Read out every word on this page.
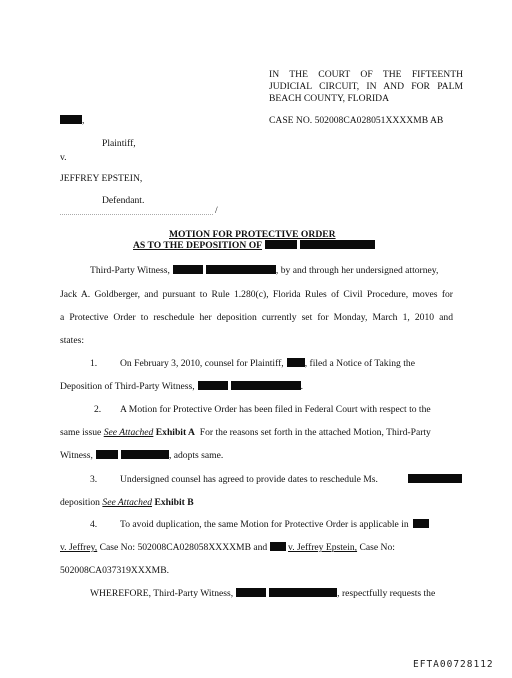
IN THE COURT OF THE FIFTEENTH
JUDICIAL CIRCUIT, IN AND FOR PALM
BEACH COUNTY, FLORIDA
,	CASE NO. 502008CA028051XXXXMB AB
Plaintiff,
v.
JEFFREY EPSTEIN,
Defendant.
/
MOTION FOR PROTECTIVE ORDER
AS TO THE DEPOSITION OF
Third-Party Witness,	, by and through her undersigned attorney,
Jack A. Goldberger, and pursuant to Rule 1.280(c), Florida Rules of Civil Procedure, moves for
a Protective Order to reschedule her deposition currently set for Monday, March 1, 2010 and
states:
1. On February 3, 2010, counsel for Plaintiff, , filed a Notice of Taking the
Deposition of Third-Party Witness,	.
2. A Motion for Protective Order has been filed in Federal Court with respect to the
same issue See Attached Exhibit A For the reasons set forth in the attached Motion, Third-Party
Witness,	, adopts same.
3. Undersigned counsel has agreed to provide dates to reschedule Ms.
deposition See Attached Exhibit B
4. To avoid duplication, the same Motion for Protective Order is applicable in
v. Jeffrey, Case No: 502008CA028058XXXXMB and v. Jeffrey Epstein, Case No:
502008CA037319XXXMB.
WHEREFORE, Third-Party Witness,	, respectfully requests the
EFTA00728112
